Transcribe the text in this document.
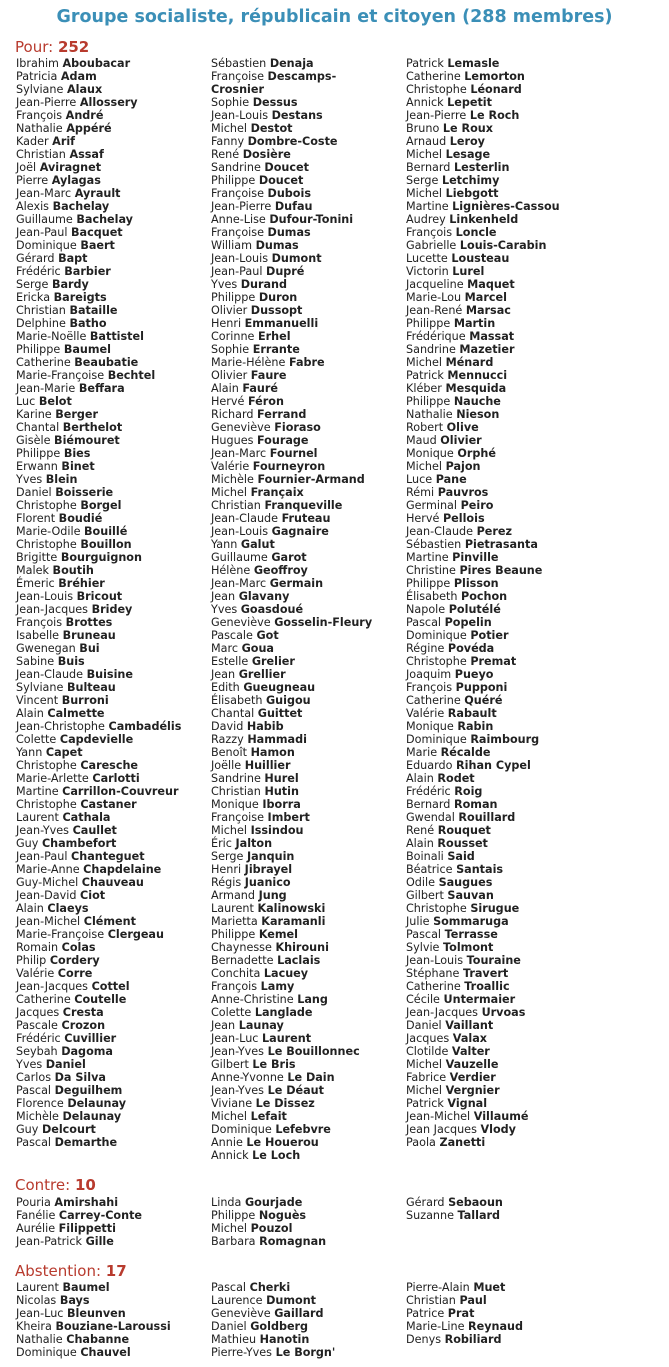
Groupe socialiste, républicain et citoyen (288 membres)
Pour: 252
Ibrahim Aboubacar
Patricia Adam
Sylviane Alaux
Jean-Pierre Allossery
François André
Nathalie Appéré
Kader Arif
Christian Assaf
Joël Aviragnet
Pierre Aylagas
Jean-Marc Ayrault
Alexis Bachelay
Guillaume Bachelay
Jean-Paul Bacquet
Dominique Baert
Gérard Bapt
Frédéric Barbier
Serge Bardy
Ericka Bareigts
Christian Bataille
Delphine Batho
Marie-Noëlle Battistel
Philippe Baumel
Catherine Beaubatie
Marie-Françoise Bechtel
Jean-Marie Beffara
Luc Belot
Karine Berger
Chantal Berthelot
Gisèle Biémouret
Philippe Bies
Erwann Binet
Yves Blein
Daniel Boisserie
Christophe Borgel
Florent Boudié
Marie-Odile Bouillé
Christophe Bouillon
Brigitte Bourguignon
Malek Boutih
Émeric Bréhier
Jean-Louis Bricout
Jean-Jacques Bridey
François Brottes
Isabelle Bruneau
Gwenegan Bui
Sabine Buis
Jean-Claude Buisine
Sylviane Bulteau
Vincent Burroni
Alain Calmette
Jean-Christophe Cambadélis
Colette Capdevielle
Yann Capet
Christophe Caresche
Marie-Arlette Carlotti
Martine Carrillon-Couvreur
Christophe Castaner
Laurent Cathala
Jean-Yves Caullet
Guy Chambefort
Jean-Paul Chanteguet
Marie-Anne Chapdelaine
Guy-Michel Chauveau
Jean-David Ciot
Alain Claeys
Jean-Michel Clément
Marie-Françoise Clergeau
Romain Colas
Philip Cordery
Valérie Corre
Jean-Jacques Cottel
Catherine Coutelle
Jacques Cresta
Pascale Crozon
Frédéric Cuvillier
Seybah Dagoma
Yves Daniel
Carlos Da Silva
Pascal Deguilhem
Florence Delaunay
Michèle Delaunay
Guy Delcourt
Pascal Demarthe
Sébastien Denaja
Françoise Descamps-
Crosnier
Sophie Dessus
Jean-Louis Destans
Michel Destot
Fanny Dombre-Coste
René Dosière
Sandrine Doucet
Philippe Doucet
Françoise Dubois
Jean-Pierre Dufau
Anne-Lise Dufour-Tonini
Françoise Dumas
William Dumas
Jean-Louis Dumont
Jean-Paul Dupré
Yves Durand
Philippe Duron
Olivier Dussopt
Henri Emmanuelli
Corinne Erhel
Sophie Errante
Marie-Hélène Fabre
Olivier Faure
Alain Fauré
Hervé Féron
Richard Ferrand
Geneviève Fioraso
Hugues Fourage
Jean-Marc Fournel
Valérie Fourneyron
Michèle Fournier-Armand
Michel Françaix
Christian Franqueville
Jean-Claude Fruteau
Jean-Louis Gagnaire
Yann Galut
Guillaume Garot
Hélène Geoffroy
Jean-Marc Germain
Jean Glavany
Yves Goasdoué
Geneviève Gosselin-Fleury
Pascale Got
Marc Goua
Estelle Grelier
Jean Grellier
Edith Gueugneau
Élisabeth Guigou
Chantal Guittet
David Habib
Razzy Hammadi
Benoît Hamon
Joëlle Huillier
Sandrine Hurel
Christian Hutin
Monique Iborra
Françoise Imbert
Michel Issindou
Éric Jalton
Serge Janquin
Henri Jibrayel
Régis Juanico
Armand Jung
Laurent Kalinowski
Marietta Karamanli
Philippe Kemel
Chaynesse Khirouni
Bernadette Laclais
Conchita Lacuey
François Lamy
Anne-Christine Lang
Colette Langlade
Jean Launay
Jean-Luc Laurent
Jean-Yves Le Bouillonnec
Gilbert Le Bris
Anne-Yvonne Le Dain
Jean-Yves Le Déaut
Viviane Le Dissez
Michel Lefait
Dominique Lefebvre
Annie Le Houerou
Annick Le Loch
Patrick Lemasle
Catherine Lemorton
Christophe Léonard
Annick Lepetit
Jean-Pierre Le Roch
Bruno Le Roux
Arnaud Leroy
Michel Lesage
Bernard Lesterlin
Serge Letchimy
Michel Liebgott
Martine Lignières-Cassou
Audrey Linkenheld
François Loncle
Gabrielle Louis-Carabin
Lucette Lousteau
Victorin Lurel
Jacqueline Maquet
Marie-Lou Marcel
Jean-René Marsac
Philippe Martin
Frédérique Massat
Sandrine Mazetier
Michel Ménard
Patrick Mennucci
Kléber Mesquida
Philippe Nauche
Nathalie Nieson
Robert Olive
Maud Olivier
Monique Orphé
Michel Pajon
Luce Pane
Rémi Pauvros
Germinal Peiro
Hervé Pellois
Jean-Claude Perez
Sébastien Pietrasanta
Martine Pinville
Christine Pires Beaune
Philippe Plisson
Élisabeth Pochon
Napole Polutélé
Pascal Popelin
Dominique Potier
Régine Povéda
Christophe Premat
Joaquim Pueyo
François Pupponi
Catherine Quéré
Valérie Rabault
Monique Rabin
Dominique Raimbourg
Marie Récalde
Eduardo Rihan Cypel
Alain Rodet
Frédéric Roig
Bernard Roman
Gwendal Rouillard
René Rouquet
Alain Rousset
Boinali Said
Béatrice Santais
Odile Saugues
Gilbert Sauvan
Christophe Sirugue
Julie Sommaruga
Pascal Terrasse
Sylvie Tolmont
Jean-Louis Touraine
Stéphane Travert
Catherine Troallic
Cécile Untermaier
Jean-Jacques Urvoas
Daniel Vaillant
Jacques Valax
Clotilde Valter
Michel Vauzelle
Fabrice Verdier
Michel Vergnier
Patrick Vignal
Jean-Michel Villaumé
Jean Jacques Vlody
Paola Zanetti
Contre: 10
Pouria Amirshahi
Fanélie Carrey-Conte
Aurélie Filippetti
Jean-Patrick Gille
Linda Gourjade
Philippe Noguès
Michel Pouzol
Barbara Romagnan
Gérard Sebaoun
Suzanne Tallard
Abstention: 17
Laurent Baumel
Nicolas Bays
Jean-Luc Bleunven
Kheira Bouziane-Laroussi
Nathalie Chabanne
Dominique Chauvel
Pascal Cherki
Laurence Dumont
Geneviève Gaillard
Daniel Goldberg
Mathieu Hanotin
Pierre-Yves Le Borgn'
Pierre-Alain Muet
Christian Paul
Patrice Prat
Marie-Line Reynaud
Denys Robiliard
